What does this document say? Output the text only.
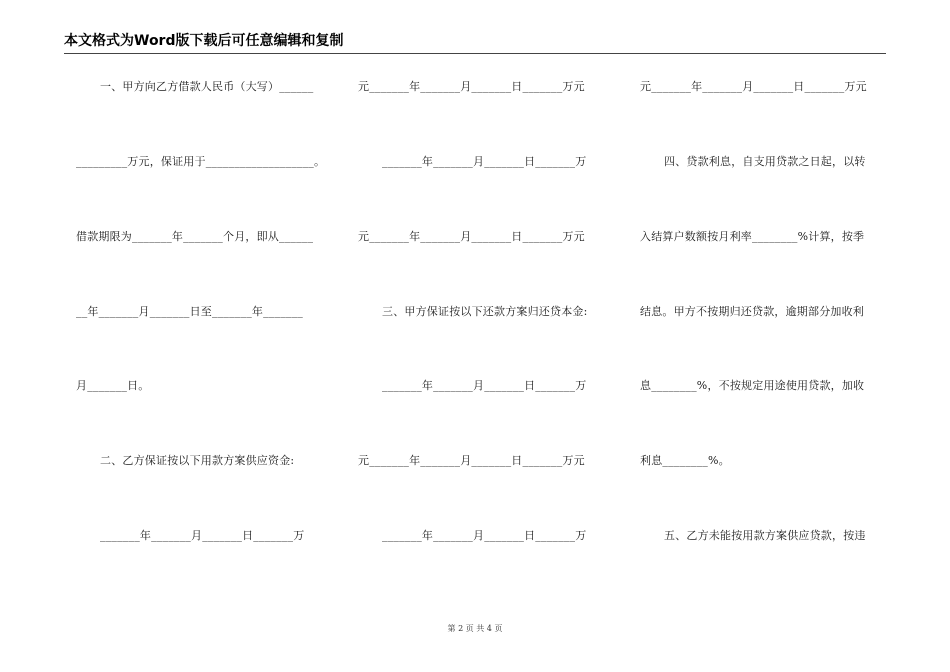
本文格式为Word版下载后可任意编辑和复制
一、甲方向乙方借款人民币（大写）______
_________万元，保证用于___________________。
借款期限为_______年_______个月，即从______
__年_______月_______日至_______年_______
月_______日。
二、乙方保证按以下用款方案供应资金:
_______年_______月_______日_______万
元_______年_______月_______日_______万元
_______年_______月_______日_______万
元_______年_______月_______日_______万元
三、甲方保证按以下还款方案归还贷本金:
_______年_______月_______日_______万
元_______年_______月_______日_______万元
_______年_______月_______日_______万
元_______年_______月_______日_______万元
四、贷款利息，自支用贷款之日起，以转
入结算户数额按月利率________%计算，按季
结息。甲方不按期归还贷款，逾期部分加收利
息________%，不按规定用途使用贷款，加收
利息________%。
五、乙方未能按用款方案供应贷款，按违
第 2 页 共 4 页
